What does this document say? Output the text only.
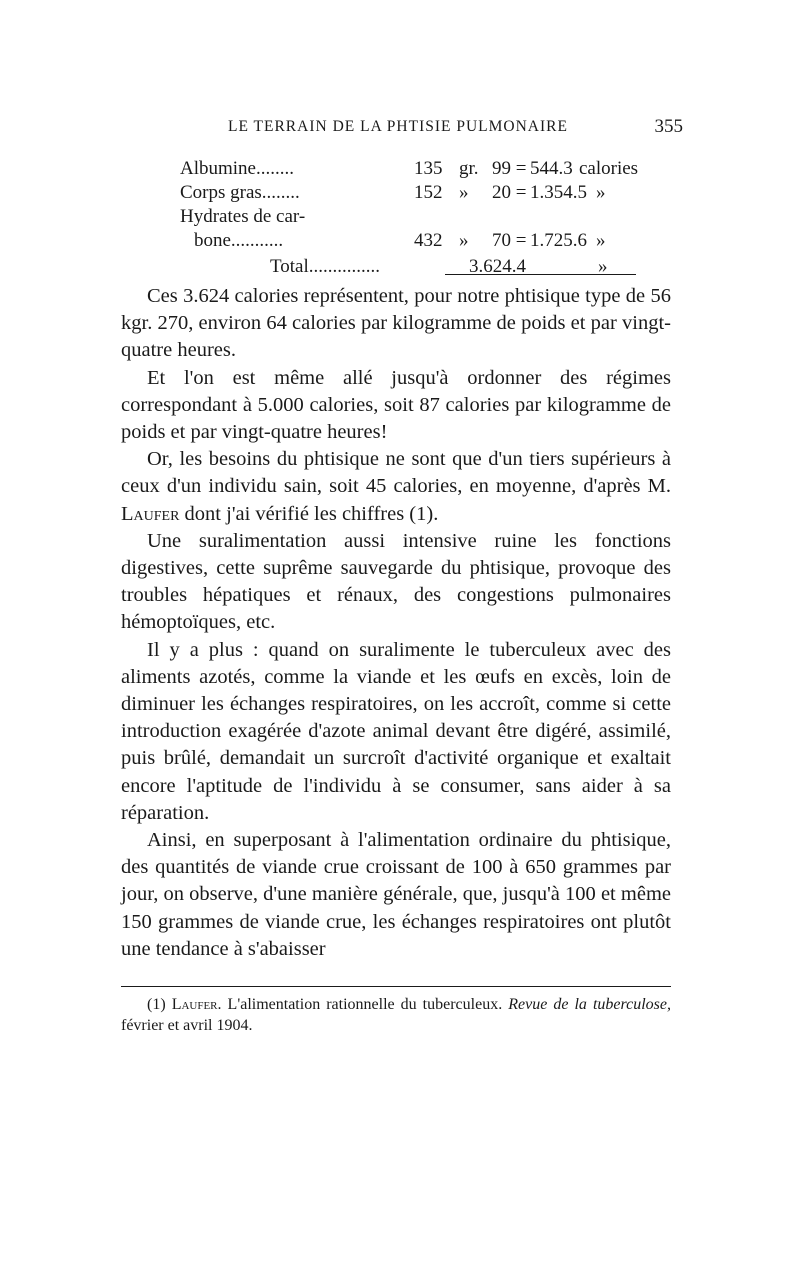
LE TERRAIN DE LA PHTISIE PULMONAIRE	355
Albumine........	135 gr. 99 = 544.3 calories
Corps gras........	152 » 20 = 1.354.5 »
Hydrates de car-
bone...........	432 » 70 = 1.725.6 »
Total...............	3.624.4	»

Ces 3.624 calories représentent, pour notre phtisique type de 56 kgr. 270, environ 64 calories par kilogramme de poids et par vingt-quatre heures.

Et l'on est même allé jusqu'à ordonner des régimes correspondant à 5.000 calories, soit 87 calories par kilogramme de poids et par vingt-quatre heures!

Or, les besoins du phtisique ne sont que d'un tiers supérieurs à ceux d'un individu sain, soit 45 calories, en moyenne, d'après M. Laufer dont j'ai vérifié les chiffres (1).

Une suralimentation aussi intensive ruine les fonctions digestives, cette suprême sauvegarde du phtisique, provoque des troubles hépatiques et rénaux, des congestions pulmonaires hémoptoïques, etc.

Il y a plus : quand on suralimente le tuberculeux avec des aliments azotés, comme la viande et les œufs en excès, loin de diminuer les échanges respiratoires, on les accroît, comme si cette introduction exagérée d'azote animal devant être digéré, assimilé, puis brûlé, demandait un surcroît d'activité organique et exaltait encore l'aptitude de l'individu à se consumer, sans aider à sa réparation.

Ainsi, en superposant à l'alimentation ordinaire du phtisique, des quantités de viande crue croissant de 100 à 650 grammes par jour, on observe, d'une manière générale, que, jusqu'à 100 et même 150 grammes de viande crue, les échanges respiratoires ont plutôt une tendance à s'abaisser

(1) Laufer. L'alimentation rationnelle du tuberculeux. Revue de la tuberculose, février et avril 1904.
